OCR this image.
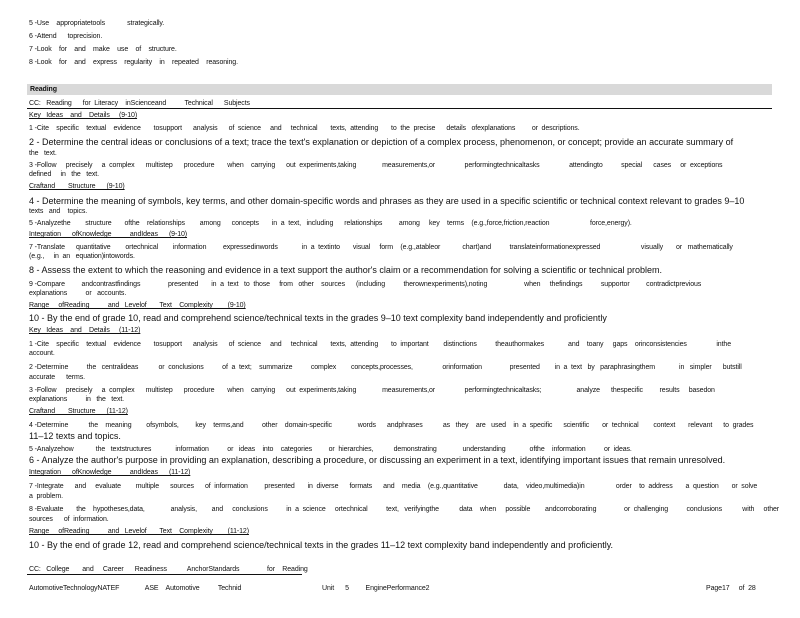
5 -Use    appropriatetools            strategically.
6 -Attend      toprecision.
7 -Look    for    and    make    use    of    structure.
8 -Look    for    and    express    regularity    in    repeated    reasoning.
Reading
CC:   Reading      for  Literacy    inScienceand          Technical      Subjects
Key   Ideas    and    Details     (9-10)
1 -Cite    specific    textual    evidence       tosupport      analysis      of  science     and     technical       texts,  attending       to  the  precise      details   ofexplanations         or  descriptions.
2 - Determine the central ideas or conclusions of a text; trace the text's explanation or depiction of a complex process, phenomenon, or concept; provide an accurate summary of
the   text.
3 -Follow     precisely     a  complex      multistep      procedure       when    carrying      out  experiments,taking              measurements,or                performingtechnicaltasks                attendingto          special      cases     or  exceptions
defined     in   the   text.
Craftand       Structure      (9-10)
4 - Determine the meaning of symbols, key terms, and other domain-specific words and phrases as they are used in a specific scientific or technical context relevant to grades 9–10
texts   and    topics.
5 -Analyzethe        structure       ofthe    relationships        among      concepts       in  a  text,   including      relationships         among     key    terms    (e.g.,force,friction,reaction                      force,energy).
Integration      ofKnowledge          andIdeas      (9-10)
7 -Translate      quantitative        ortechnical        information         expressedinwords             in  a  textinto       visual     form    (e.g.,atableor            chart)and          translateinformationexpressed                      visually       or   mathematically
(e.g.,     in  an   equation)intowords.
8 - Assess the extent to which the reasoning and evidence in a text support the author's claim or a recommendation for solving a scientific or technical problem.
9 -Compare         andcontrastfindings               presented       in  a  text   to  those     from   other    sources      (including          therownexperiments),noting                    when     thefindings          supportor         contradictprevious
explanations          or   accounts.
Range     ofReading          and   Levelof       Text    Complexity        (9-10)
10 - By the end of grade 10, read and comprehend science/technical texts in the grades 9–10 text complexity band independently and proficiently
Key   Ideas    and    Details     (11-12)
1 -Cite    specific    textual    evidence       tosupport      analysis      of  science     and     technical       texts,  attending       to  important        distinctions          theauthormakes             and    toany     gaps    orinconsistencies                inthe
account.
2 -Determine          the   centralideas           or  conclusions          of  a  text;    summarize          complex        concepts,processes,                orinformation               presented        in  a  text   by   paraphrasingthem             in   simpler      butstill
accurate      terms.
3 -Follow     precisely     a  complex      multistep      procedure       when    carrying      out  experiments,taking              measurements,or                performingtechnicaltasks;                   analyze      thespecific         results     basedon
explanations          in   the   text.
Craftand       Structure      (11-12)
4 -Determine           the    meaning        ofsymbols,         key    terms,and          other    domain-specific              words      andphrases           as   they    are   used    in  a  specific      scientific       or  technical        context       relevant      to  grades
11–12 texts and topics.
5 -Analyzehow            the   textstructures             information          or   ideas    into    categories         or  hierarchies,           demonstrating              understanding             ofthe    information          or  ideas.
Integration      ofKnowledge          andIdeas      (11-12)
6 - Analyze the author's purpose in providing an explanation, describing a procedure, or discussing an experiment in a text, identifying important issues that remain unresolved.
7 -Integrate      and     evaluate        multiple      sources      of  information         presented       in  diverse      formats      and    media    (e.g.,quantitative              data,    video,multimedia)in                 order    to  address       a  question       or  solve
a  problem.
8 -Evaluate       the    hypotheses,data,              analysis,        and     conclusions          in  a  science     ortechnical          text,   verifyingthe           data    when     possible        andcorroborating               or  challenging          conclusions           with     other
sources      of  information.
Range     ofReading          and   Levelof       Text    Complexity        (11-12)
10 - By the end of grade 12, read and comprehend science/technical texts in the grades 11–12 text complexity band independently and proficiently.
CC:   College       and     Career      Readiness           AnchorStandards               for    Reading
AutomotiveTechnologyNATEF              ASE    Automotive          Technid	Unit      5         EnginePerformance2	Page17     of  28
